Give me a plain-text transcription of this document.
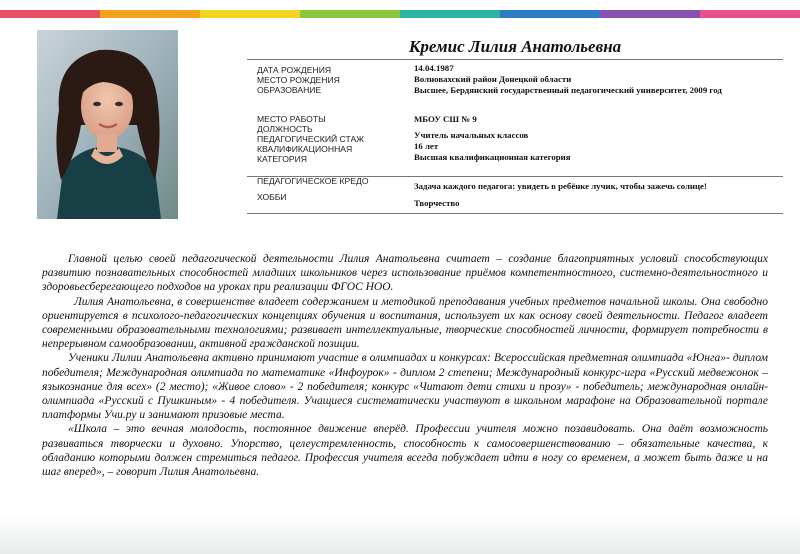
Кремис Лилия Анатольевна
ДАТА РОЖДЕНИЯ
МЕСТО РОЖДЕНИЯ
ОБРАЗОВАНИЕ
МЕСТО РАБОТЫ
ДОЛЖНОСТЬ
ПЕДАГОГИЧЕСКИЙ СТАЖ
КВАЛИФИКАЦИОННАЯ КАТЕГОРИЯ
ПЕДАГОГИЧЕСКОЕ КРЕДО
ХОББИ
14.04.1987
Волновахский район Донецкой области
Высшее, Бердянский государственный педагогический университет, 2009 год
МБОУ СШ № 9
Учитель начальных классов
16 лет
Высшая квалификационная категория
Задача каждого педагога: увидеть в ребёнке лучик, чтобы зажечь солнце!
Творчество

Главной целью своей педагогической деятельности Лилия Анатольевна считает – создание благоприятных условий способствующих развитию познавательных способностей младших школьников через использование приёмов компетентностного, системно-деятельностного и здоровьесберегающего подходов на уроках при реализации ФГОС НОО.

Лилия Анатольевна, в совершенстве владеет содержанием и методикой преподавания учебных предметов начальной школы. Она свободно ориентируется в психолого-педагогических концепциях обучения и воспитания, использует их как основу своей деятельности. Педагог владеет современными образовательными технологиями; развивает интеллектуальные, творческие способностей личности, формирует потребности в непрерывном самообразовании, активной гражданской позиции.

Ученики Лилии Анатольевна активно принимают участие в олимпиадах и конкурсах: Всероссийская предметная олимпиада «Юнга»- диплом победителя; Международная олимпиада по математике «Инфоурок» - диплом 2 степени; Международный конкурс-игра «Русский медвежонок – языкознание для всех» (2 место); «Живое слово» - 2 победителя; конкурс «Читают дети стихи и прозу» - победитель; международная онлайн-олимпиада «Русский с Пушкиным» - 4 победителя. Учащиеся систематически участвуют в школьном марафоне на Образовательной портале платформы Учи.ру и занимают призовые места.

«Школа – это вечная молодость, постоянное движение вперёд. Профессии учителя можно позавидовать. Она даёт возможность развиваться творчески и духовно. Упорство, целеустремленность, способность к самосовершенствованию – обязательные качества, к обладанию которыми должен стремиться педагог. Профессия учителя всегда побуждает идти в ногу со временем, а может быть даже и на шаг вперед», – говорит Лилия Анатольевна.
